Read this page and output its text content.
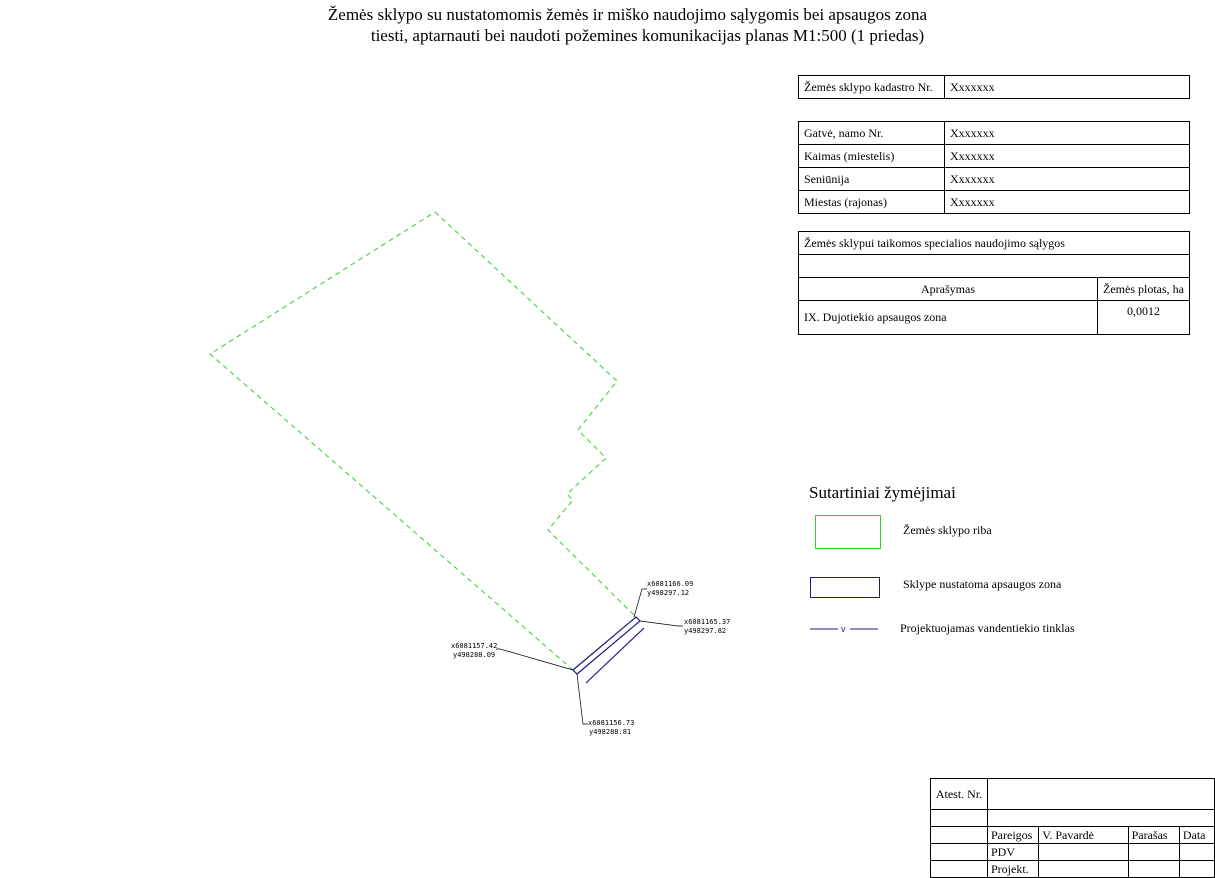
Žemės sklypo su nustatomomis žemės ir miško naudojimo sąlygomis bei apsaugos zona
tiesti, aptarnauti bei naudoti požemines komunikacijas planas M1:500 (1 priedas)
Žemės sklypo kadastro Nr.	Xxxxxxx
Gatvė, namo Nr.	Xxxxxxx
Kaimas (miestelis)	Xxxxxxx
Seniūnija	Xxxxxxx
Miestas (rajonas)	Xxxxxxx
Žemės sklypui taikomos specialios naudojimo sąlygos	

Aprašymas	Žemės plotas, ha
IX. Dujotiekio apsaugos zona	0,0012
x6081166.09
y498297.12
x6081165.37
y498297.82
x6081157.42
y498288.09
x6081156.73
y498288.81
v
Sutartiniai žymėjimai
Žemės sklypo riba
Sklype nustatoma apsaugos zona
Projektuojamas vandentiekio tinklas
Atest. Nr.				

	Pareigos	V. Pavardė	Parašas	Data
	PDV			
	Projekt.			
